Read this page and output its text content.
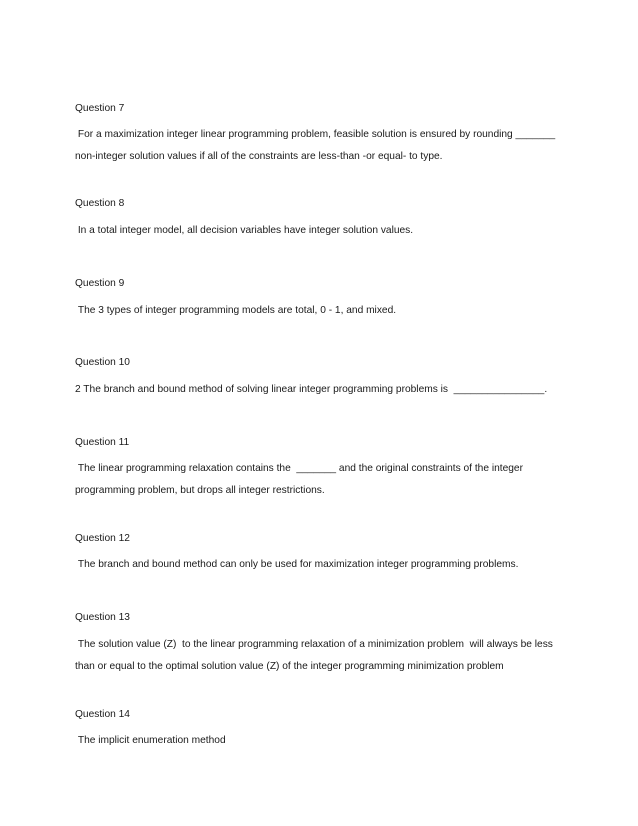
Question 7

For a maximization integer linear programming problem, feasible solution is ensured by rounding _______  non-integer solution values if all of the constraints are less-than -or equal- to type.

Question 8

In a total integer model, all decision variables have integer solution values.

Question 9

The 3 types of integer programming models are total, 0 - 1, and mixed.

Question 10

2 The branch and bound method of solving linear integer programming problems is  ________________.

Question 11

The linear programming relaxation contains the  _______ and the original constraints of the integer programming problem, but drops all integer restrictions.

Question 12

The branch and bound method can only be used for maximization integer programming problems.

Question 13

The solution value (Z)  to the linear programming relaxation of a minimization problem  will always be less than or equal to the optimal solution value (Z) of the integer programming minimization problem

Question 14

The implicit enumeration method
